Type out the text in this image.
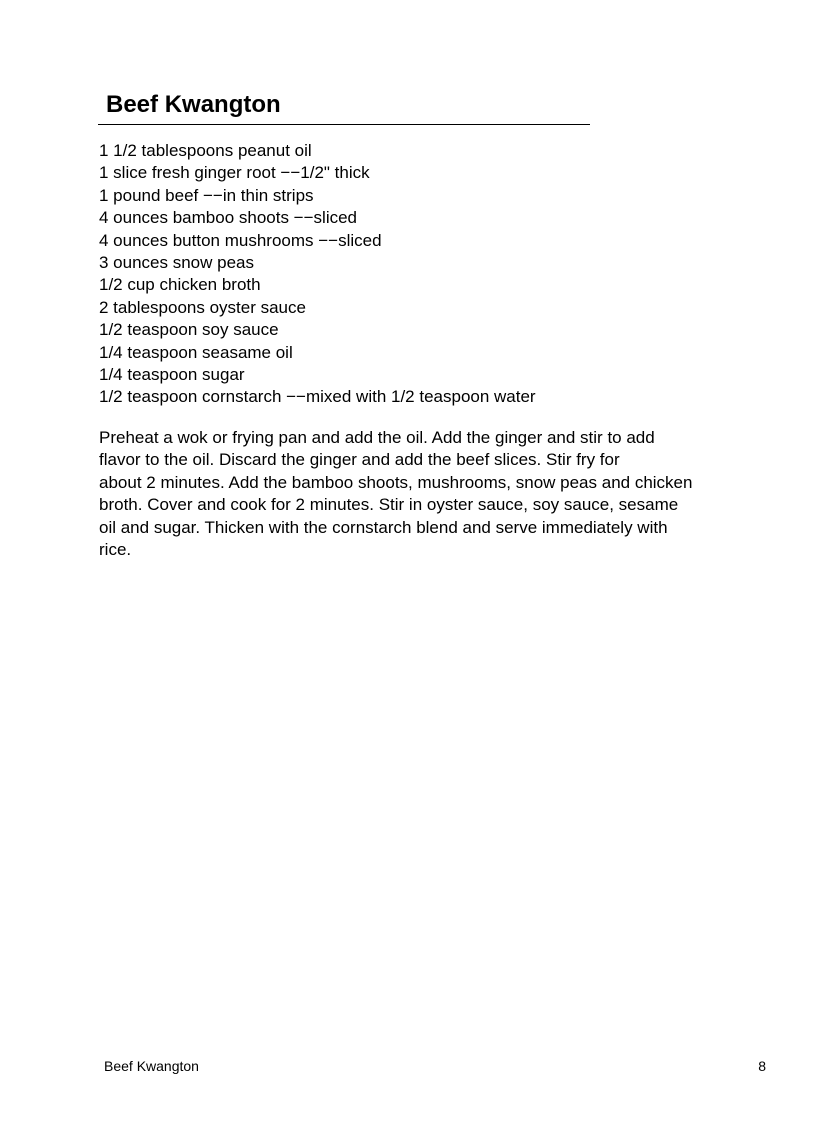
Beef Kwangton
1 1/2 tablespoons peanut oil
1 slice fresh ginger root −−1/2" thick
1 pound beef −−in thin strips
4 ounces bamboo shoots −−sliced
4 ounces button mushrooms −−sliced
3 ounces snow peas
1/2 cup chicken broth
2 tablespoons oyster sauce
1/2 teaspoon soy sauce
1/4 teaspoon seasame oil
1/4 teaspoon sugar
1/2 teaspoon cornstarch −−mixed with 1/2 teaspoon water

Preheat a wok or frying pan and add the oil. Add the ginger and stir to add
flavor to the oil. Discard the ginger and add the beef slices. Stir fry for
about 2 minutes. Add the bamboo shoots, mushrooms, snow peas and chicken
broth. Cover and cook for 2 minutes. Stir in oyster sauce, soy sauce, sesame
oil and sugar. Thicken with the cornstarch blend and serve immediately with
rice.

Beef Kwangton	8
